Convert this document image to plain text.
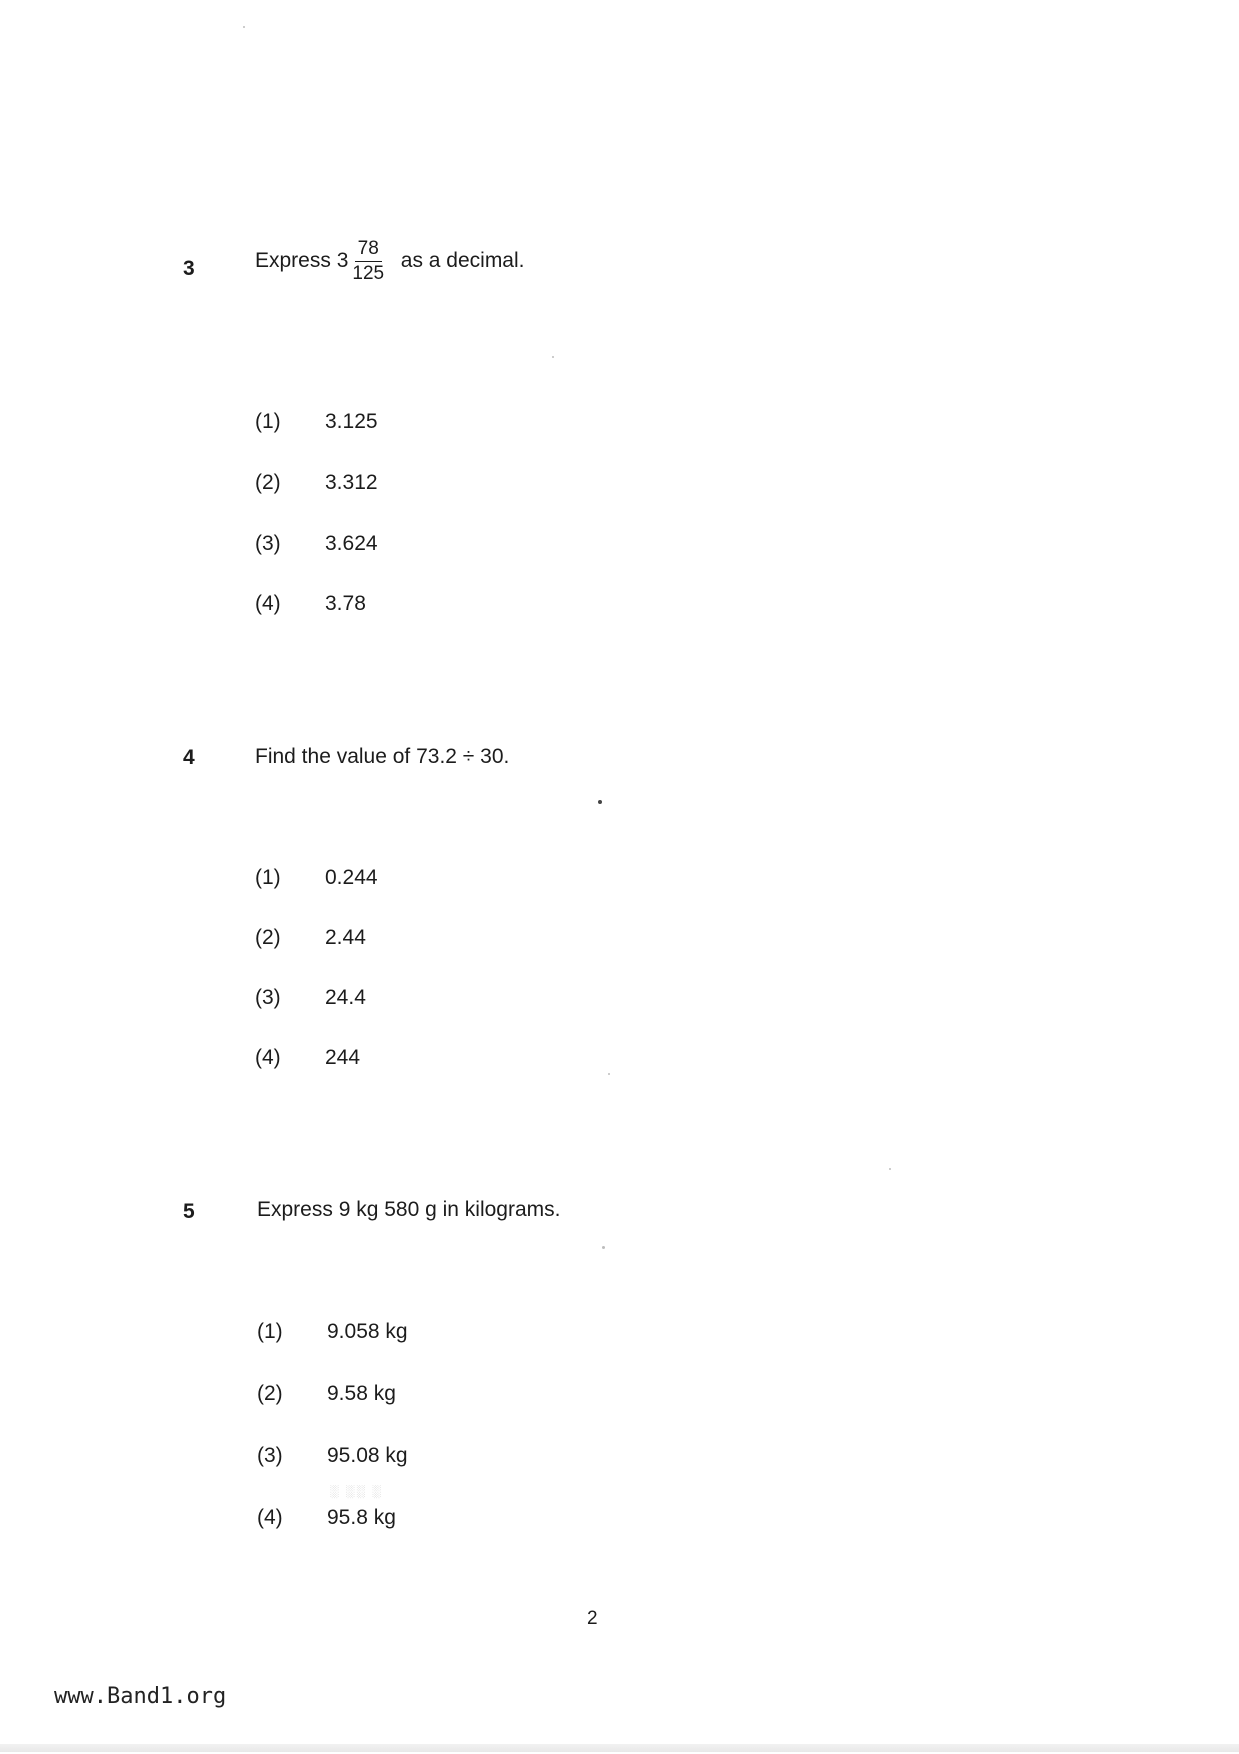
3	Express
$3 \frac{78}{125}$
as a decimal.
(1) 3.125
(2) 3.312
(3) 3.624
(4) 3.78
4	Find the value of 73.2 ÷ 30.
(1) 0.244
(2) 2.44
(3) 24.4
(4) 244
5	Express 9 kg 580 g in kilograms.
(1) 9.058 kg
(2) 9.58 kg
(3) 95.08 kg
(4) 95.8 kg
░ ░░ ░
2
www.Band1.org
